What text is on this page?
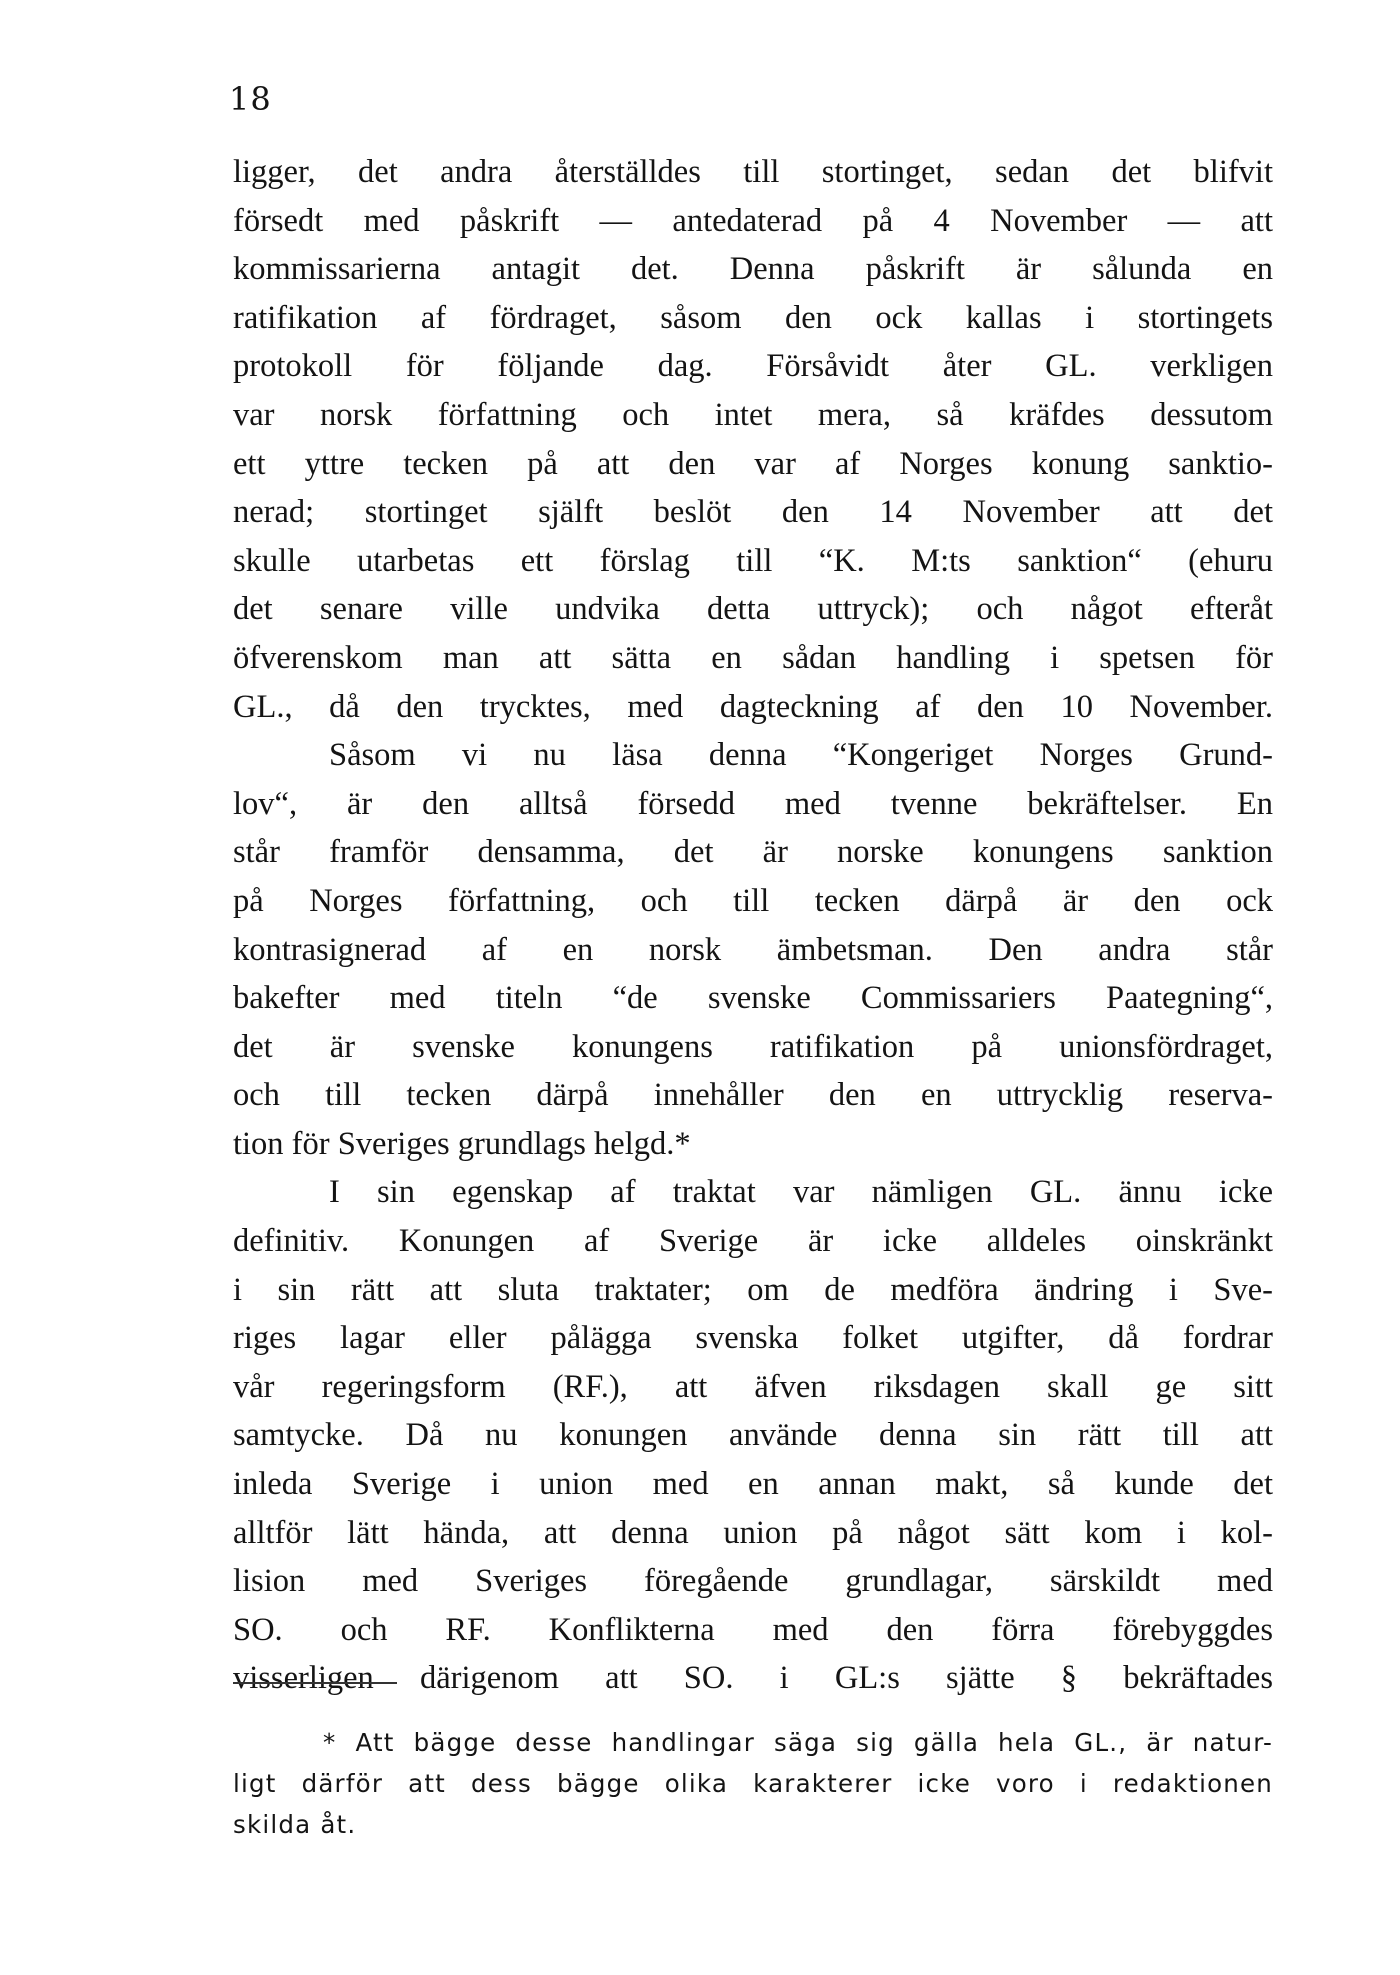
18
ligger, det andra återställdes till stortinget, sedan det blifvit
försedt med påskrift — antedaterad på 4 November — att
kommissarierna antagit det. Denna påskrift är sålunda en
ratifikation af fördraget, såsom den ock kallas i stortingets
protokoll för följande dag. Försåvidt åter GL. verkligen
var norsk författning och intet mera, så kräfdes dessutom
ett yttre tecken på att den var af Norges konung sanktio-
nerad; stortinget själft beslöt den 14 November att det
skulle utarbetas ett förslag till “K. M:ts sanktion“ (ehuru
det senare ville undvika detta uttryck); och något efteråt
öfverenskom man att sätta en sådan handling i spetsen för
GL., då den trycktes, med dagteckning af den 10 November.
Såsom vi nu läsa denna “Kongeriget Norges Grund-
lov“, är den alltså försedd med tvenne bekräftelser. En
står framför densamma, det är norske konungens sanktion
på Norges författning, och till tecken därpå är den ock
kontrasignerad af en norsk ämbetsman. Den andra står
bakefter med titeln “de svenske Commissariers Paategning“,
det är svenske konungens ratifikation på unionsfördraget,
och till tecken därpå innehåller den en uttrycklig reserva-
tion för Sveriges grundlags helgd.*
I sin egenskap af traktat var nämligen GL. ännu icke
definitiv. Konungen af Sverige är icke alldeles oinskränkt
i sin rätt att sluta traktater; om de medföra ändring i Sve-
riges lagar eller pålägga svenska folket utgifter, då fordrar
vår regeringsform (RF.), att äfven riksdagen skall ge sitt
samtycke. Då nu konungen använde denna sin rätt till att
inleda Sverige i union med en annan makt, så kunde det
alltför lätt hända, att denna union på något sätt kom i kol-
lision med Sveriges föregående grundlagar, särskildt med
SO. och RF. Konflikterna med den förra förebyggdes
visserligen därigenom att SO. i GL:s sjätte § bekräftades
* Att bägge desse handlingar säga sig gälla hela GL., är natur-
ligt därför att dess bägge olika karakterer icke voro i redaktionen
skilda åt.
